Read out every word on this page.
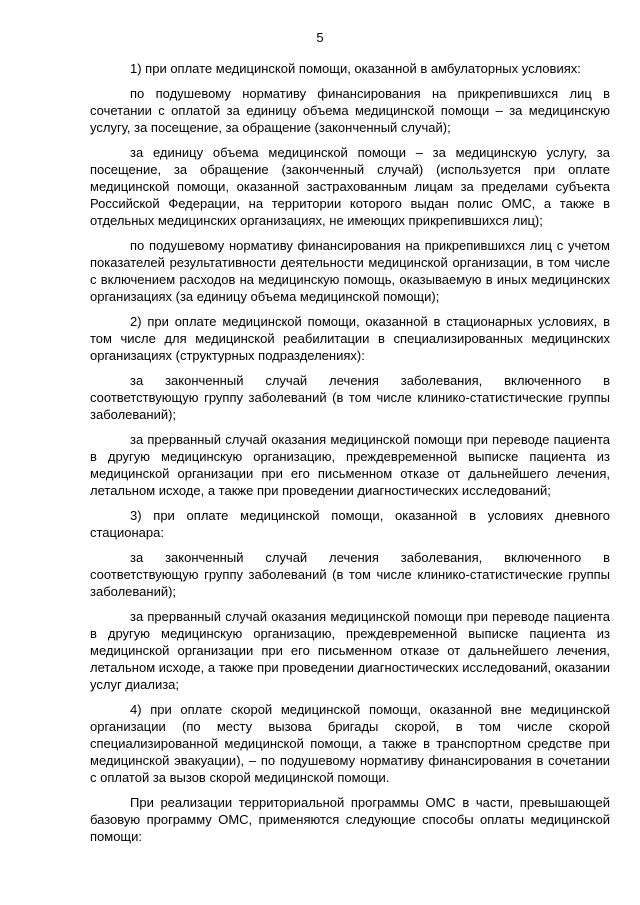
5

1) при оплате медицинской помощи, оказанной в амбулаторных условиях:

по подушевому нормативу финансирования на прикрепившихся лиц в сочетании с оплатой за единицу объема медицинской помощи – за медицинскую услугу, за посещение, за обращение (законченный случай);

за единицу объема медицинской помощи – за медицинскую услугу, за посещение, за обращение (законченный случай) (используется при оплате медицинской помощи, оказанной застрахованным лицам за пределами субъекта Российской Федерации, на территории которого выдан полис ОМС, а также в отдельных медицинских организациях, не имеющих прикрепившихся лиц);

по подушевому нормативу финансирования на прикрепившихся лиц с учетом показателей результативности деятельности медицинской организации, в том числе с включением расходов на медицинскую помощь, оказываемую в иных медицинских организациях (за единицу объема медицинской помощи);

2) при оплате медицинской помощи, оказанной в стационарных условиях, в том числе для медицинской реабилитации в специализированных медицинских организациях (структурных подразделениях):

за законченный случай лечения заболевания, включенного в соответствующую группу заболеваний (в том числе клинико-статистические группы заболеваний);

за прерванный случай оказания медицинской помощи при переводе пациента в другую медицинскую организацию, преждевременной выписке пациента из медицинской организации при его письменном отказе от дальнейшего лечения, летальном исходе, а также при проведении диагностических исследований;

3) при оплате медицинской помощи, оказанной в условиях дневного стационара:

за законченный случай лечения заболевания, включенного в соответствующую группу заболеваний (в том числе клинико-статистические группы заболеваний);

за прерванный случай оказания медицинской помощи при переводе пациента в другую медицинскую организацию, преждевременной выписке пациента из медицинской организации при его письменном отказе от дальнейшего лечения, летальном исходе, а также при проведении диагностических исследований, оказании услуг диализа;

4) при оплате скорой медицинской помощи, оказанной вне медицинской организации (по месту вызова бригады скорой, в том числе скорой специализированной медицинской помощи, а также в транспортном средстве при медицинской эвакуации), – по подушевому нормативу финансирования в сочетании с оплатой за вызов скорой медицинской помощи.

При реализации территориальной программы ОМС в части, превышающей базовую программу ОМС, применяются следующие способы оплаты медицинской помощи:
